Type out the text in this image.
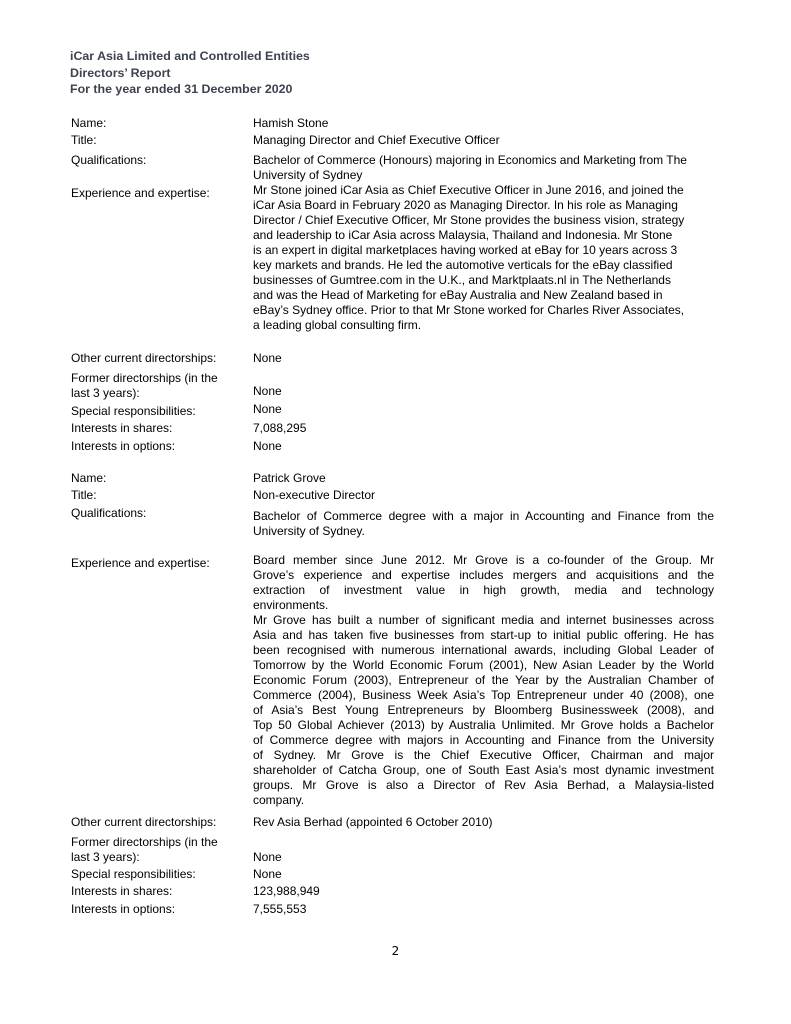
iCar Asia Limited and Controlled Entities
Directors’ Report
For the year ended 31 December 2020
Name:	Hamish Stone
Title:	Managing Director and Chief Executive Officer
Qualifications:	Bachelor of Commerce (Honours) majoring in Economics and Marketing from The
University of Sydney
Experience and expertise:	Mr Stone joined iCar Asia as Chief Executive Officer in June 2016, and joined the
iCar Asia Board in February 2020 as Managing Director. In his role as Managing
Director / Chief Executive Officer, Mr Stone provides the business vision, strategy
and leadership to iCar Asia across Malaysia, Thailand and Indonesia. Mr Stone
is an expert in digital marketplaces having worked at eBay for 10 years across 3
key markets and brands. He led the automotive verticals for the eBay classified
businesses of Gumtree.com in the U.K., and Marktplaats.nl in The Netherlands
and was the Head of Marketing for eBay Australia and New Zealand based in
eBay’s Sydney office. Prior to that Mr Stone worked for Charles River Associates,
a leading global consulting firm.
Other current directorships:	None
Former directorships (in the
last 3 years):	None
Special responsibilities:	None
Interests in shares:	7,088,295
Interests in options:	None
Name:	Patrick Grove
Title:	Non-executive Director
Qualifications:	Bachelor of Commerce degree with a major in Accounting and Finance from the
University of Sydney.
Experience and expertise:	Board member since June 2012. Mr Grove is a co-founder of the Group. Mr
Grove’s experience and expertise includes mergers and acquisitions and the
extraction of investment value in high growth, media and technology
environments.
Mr Grove has built a number of significant media and internet businesses across
Asia and has taken five businesses from start-up to initial public offering. He has
been recognised with numerous international awards, including Global Leader of
Tomorrow by the World Economic Forum (2001), New Asian Leader by the World
Economic Forum (2003), Entrepreneur of the Year by the Australian Chamber of
Commerce (2004), Business Week Asia’s Top Entrepreneur under 40 (2008), one
of Asia’s Best Young Entrepreneurs by Bloomberg Businessweek (2008), and
Top 50 Global Achiever (2013) by Australia Unlimited. Mr Grove holds a Bachelor
of Commerce degree with majors in Accounting and Finance from the University
of Sydney. Mr Grove is the Chief Executive Officer, Chairman and major
shareholder of Catcha Group, one of South East Asia’s most dynamic investment
groups. Mr Grove is also a Director of Rev Asia Berhad, a Malaysia-listed
company.
Other current directorships:	Rev Asia Berhad (appointed 6 October 2010)
Former directorships (in the
last 3 years):	None
Special responsibilities:	None
Interests in shares:	123,988,949
Interests in options:	7,555,553
2
